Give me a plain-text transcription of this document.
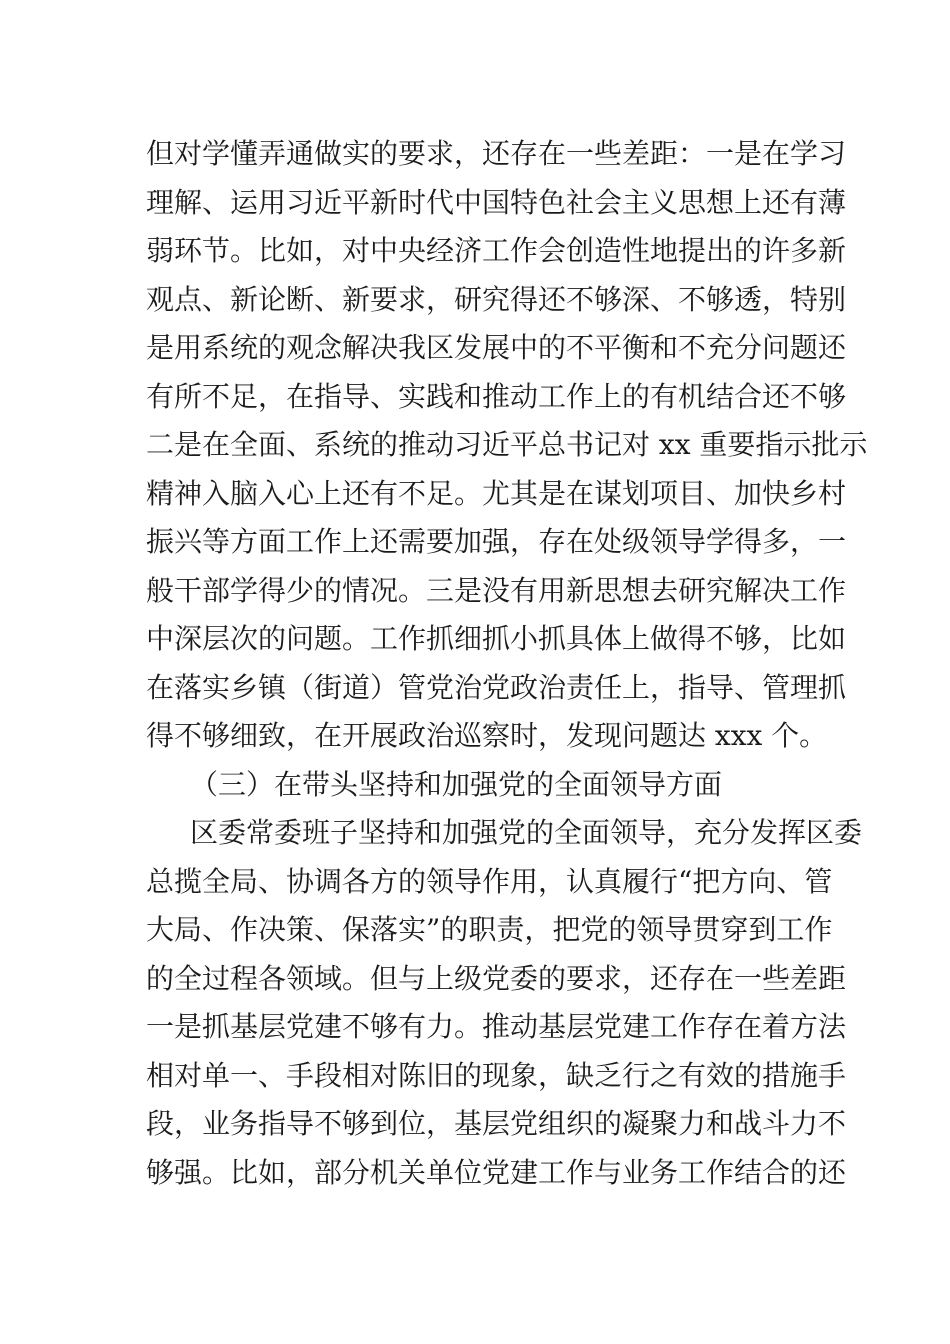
但对学懂弄通做实的要求，还存在一些差距：一是在学习
理解、运用习近平新时代中国特色社会主义思想上还有薄
弱环节。比如，对中央经济工作会创造性地提出的许多新
观点、新论断、新要求，研究得还不够深、不够透，特别
是用系统的观念解决我区发展中的不平衡和不充分问题还
有所不足，在指导、实践和推动工作上的有机结合还不够
二是在全面、系统的推动习近平总书记对 xx 重要指示批示
精神入脑入心上还有不足。尤其是在谋划项目、加快乡村
振兴等方面工作上还需要加强，存在处级领导学得多，一
般干部学得少的情况。三是没有用新思想去研究解决工作
中深层次的问题。工作抓细抓小抓具体上做得不够，比如
在落实乡镇（街道）管党治党政治责任上，指导、管理抓
得不够细致，在开展政治巡察时，发现问题达 xxx 个。
（三）在带头坚持和加强党的全面领导方面
区委常委班子坚持和加强党的全面领导，充分发挥区委
总揽全局、协调各方的领导作用，认真履行“把方向、管
大局、作决策、保落实”的职责，把党的领导贯穿到工作
的全过程各领域。但与上级党委的要求，还存在一些差距
一是抓基层党建不够有力。推动基层党建工作存在着方法
相对单一、手段相对陈旧的现象，缺乏行之有效的措施手
段，业务指导不够到位，基层党组织的凝聚力和战斗力不
够强。比如，部分机关单位党建工作与业务工作结合的还
